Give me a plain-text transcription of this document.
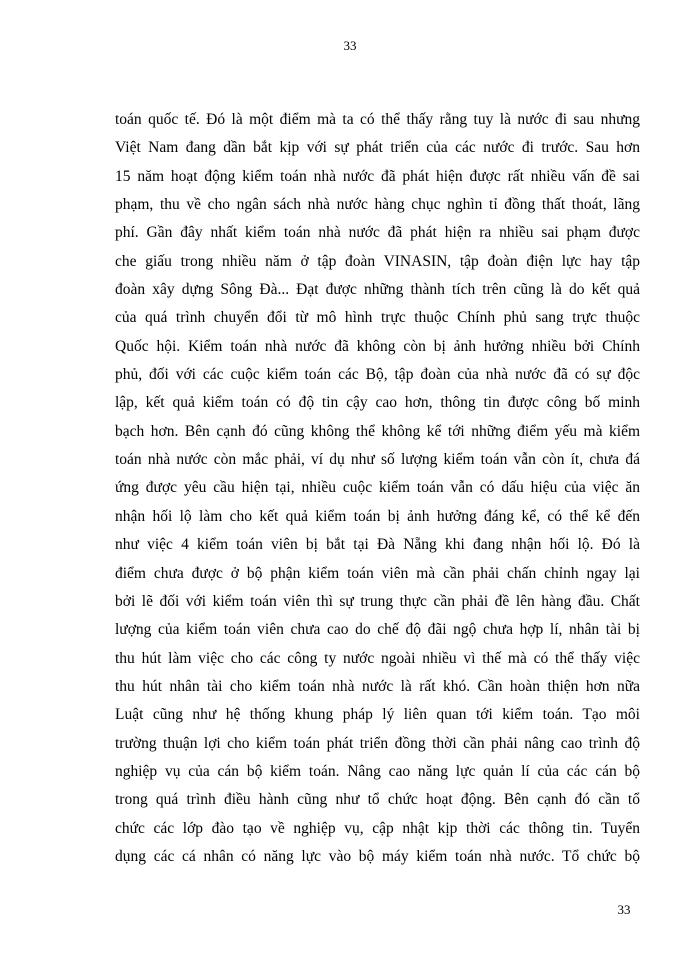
33
toán quốc tế. Đó là một điểm mà ta có thể thấy rằng tuy là nước đi sau nhưng
Việt Nam đang dần bắt kịp với sự phát triển của các nước đi trước. Sau hơn
15 năm hoạt động kiểm toán nhà nước đã phát hiện được rất nhiều vấn đề sai
phạm, thu về cho ngân sách nhà nước hàng chục nghìn tỉ đồng thất thoát, lãng
phí. Gần đây nhất kiểm toán nhà nước đã phát hiện ra nhiều sai phạm được
che giấu trong nhiều năm ở tập đoàn VINASIN, tập đoàn điện lực hay tập
đoàn xây dựng Sông Đà... Đạt được những thành tích trên cũng là do kết quả
của quá trình chuyển đổi từ mô hình trực thuộc Chính phủ sang trực thuộc
Quốc hội. Kiểm toán nhà nước đã không còn bị ảnh hưởng nhiều bởi Chính
phủ, đối với các cuộc kiểm toán các Bộ, tập đoàn của nhà nước đã có sự độc
lập, kết quả kiểm toán có độ tin cậy cao hơn, thông tin được công bố minh
bạch hơn. Bên cạnh đó cũng không thể không kể tới những điểm yếu mà kiểm
toán nhà nước còn mắc phải, ví dụ như số lượng kiểm toán vẫn còn ít, chưa đá
ứng được yêu cầu hiện tại, nhiều cuộc kiểm toán vẫn có dấu hiệu của việc ăn
nhận hối lộ làm cho kết quả kiểm toán bị ảnh hưởng đáng kể, có thể kể đến
như việc 4 kiểm toán viên bị bắt tại Đà Nẵng khi đang nhận hối lộ. Đó là
điểm chưa được ở bộ phận kiểm toán viên mà cần phải chấn chỉnh ngay lại
bởi lẽ đối với kiểm toán viên thì sự trung thực cần phải đề lên hàng đầu. Chất
lượng của kiểm toán viên chưa cao do chế độ đãi ngộ chưa hợp lí, nhân tài bị
thu hút làm việc cho các công ty nước ngoài nhiều vì thế mà có thể thấy việc
thu hút nhân tài cho kiểm toán nhà nước là rất khó. Cần hoàn thiện hơn nữa
Luật cũng như hệ thống khung pháp lý liên quan tới kiểm toán. Tạo môi
trường thuận lợi cho kiểm toán phát triển đồng thời cần phải nâng cao trình độ
nghiệp vụ của cán bộ kiểm toán. Nâng cao năng lực quản lí của các cán bộ
trong quá trình điều hành cũng như tổ chức hoạt động. Bên cạnh đó cần tổ
chức các lớp đào tạo về nghiệp vụ, cập nhật kịp thời các thông tin. Tuyển
dụng các cá nhân có năng lực vào bộ máy kiểm toán nhà nước. Tổ chức bộ
33
